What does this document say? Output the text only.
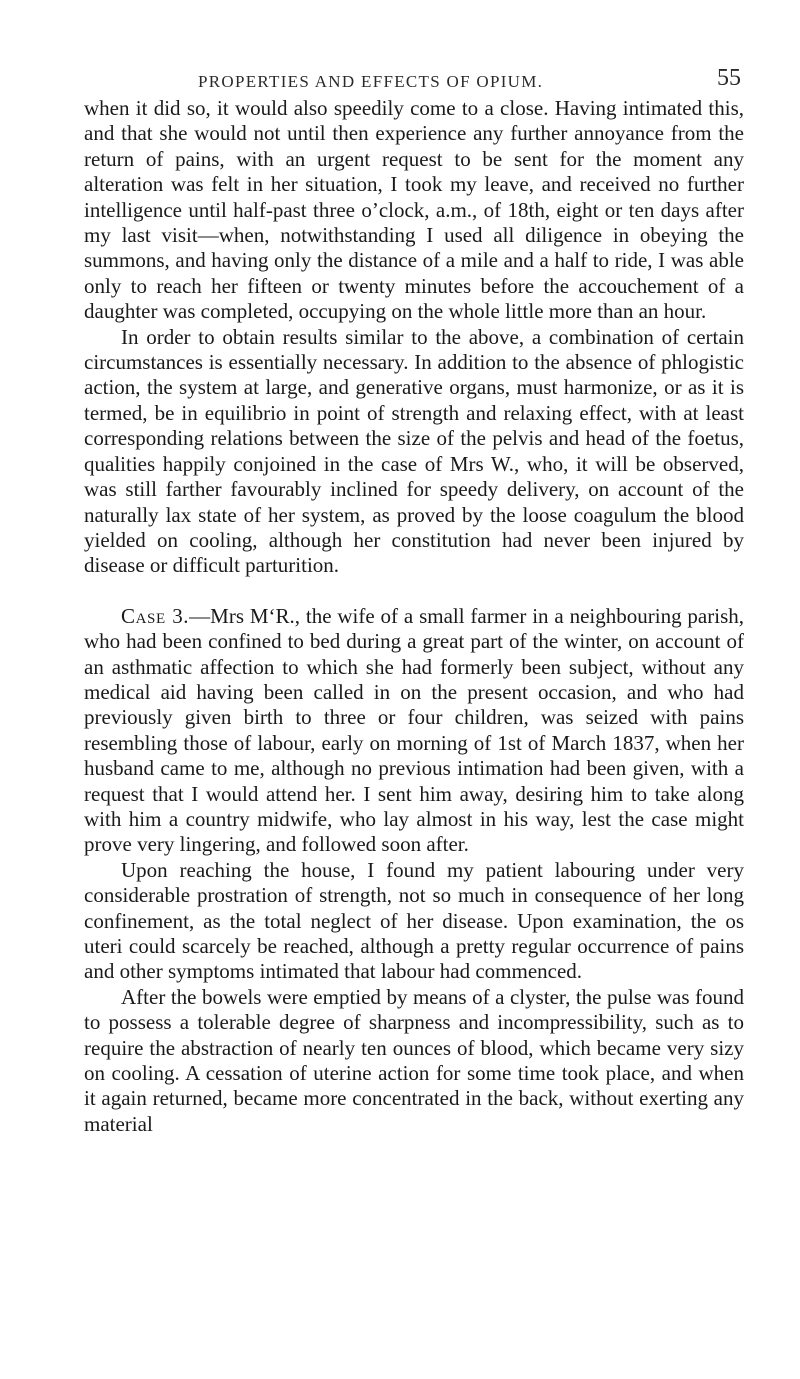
PROPERTIES AND EFFECTS OF OPIUM.	55

when it did so, it would also speedily come to a close. Having intimated this, and that she would not until then experience any further annoyance from the return of pains, with an urgent request to be sent for the moment any alteration was felt in her situation, I took my leave, and received no further intelligence until half-past three o’clock, a.m., of 18th, eight or ten days after my last visit—when, notwithstanding I used all diligence in obeying the summons, and having only the distance of a mile and a half to ride, I was able only to reach her fifteen or twenty minutes before the accouchement of a daughter was completed, occupying on the whole little more than an hour.

In order to obtain results similar to the above, a combination of certain circumstances is essentially necessary. In addition to the absence of phlogistic action, the system at large, and generative organs, must harmonize, or as it is termed, be in equilibrio in point of strength and relaxing effect, with at least corresponding relations between the size of the pelvis and head of the foetus, qualities happily conjoined in the case of Mrs W., who, it will be observed, was still farther favourably inclined for speedy delivery, on account of the naturally lax state of her system, as proved by the loose coagulum the blood yielded on cooling, although her constitution had never been injured by disease or difficult parturition.

Case 3.—Mrs M‘R., the wife of a small farmer in a neighbouring parish, who had been confined to bed during a great part of the winter, on account of an asthmatic affection to which she had formerly been subject, without any medical aid having been called in on the present occasion, and who had previously given birth to three or four children, was seized with pains resembling those of labour, early on morning of 1st of March 1837, when her husband came to me, although no previous intimation had been given, with a request that I would attend her. I sent him away, desiring him to take along with him a country midwife, who lay almost in his way, lest the case might prove very lingering, and followed soon after.

Upon reaching the house, I found my patient labouring under very considerable prostration of strength, not so much in consequence of her long confinement, as the total neglect of her disease. Upon examination, the os uteri could scarcely be reached, although a pretty regular occurrence of pains and other symptoms intimated that labour had commenced.

After the bowels were emptied by means of a clyster, the pulse was found to possess a tolerable degree of sharpness and incompressibility, such as to require the abstraction of nearly ten ounces of blood, which became very sizy on cooling. A cessation of uterine action for some time took place, and when it again returned, became more concentrated in the back, without exerting any material
